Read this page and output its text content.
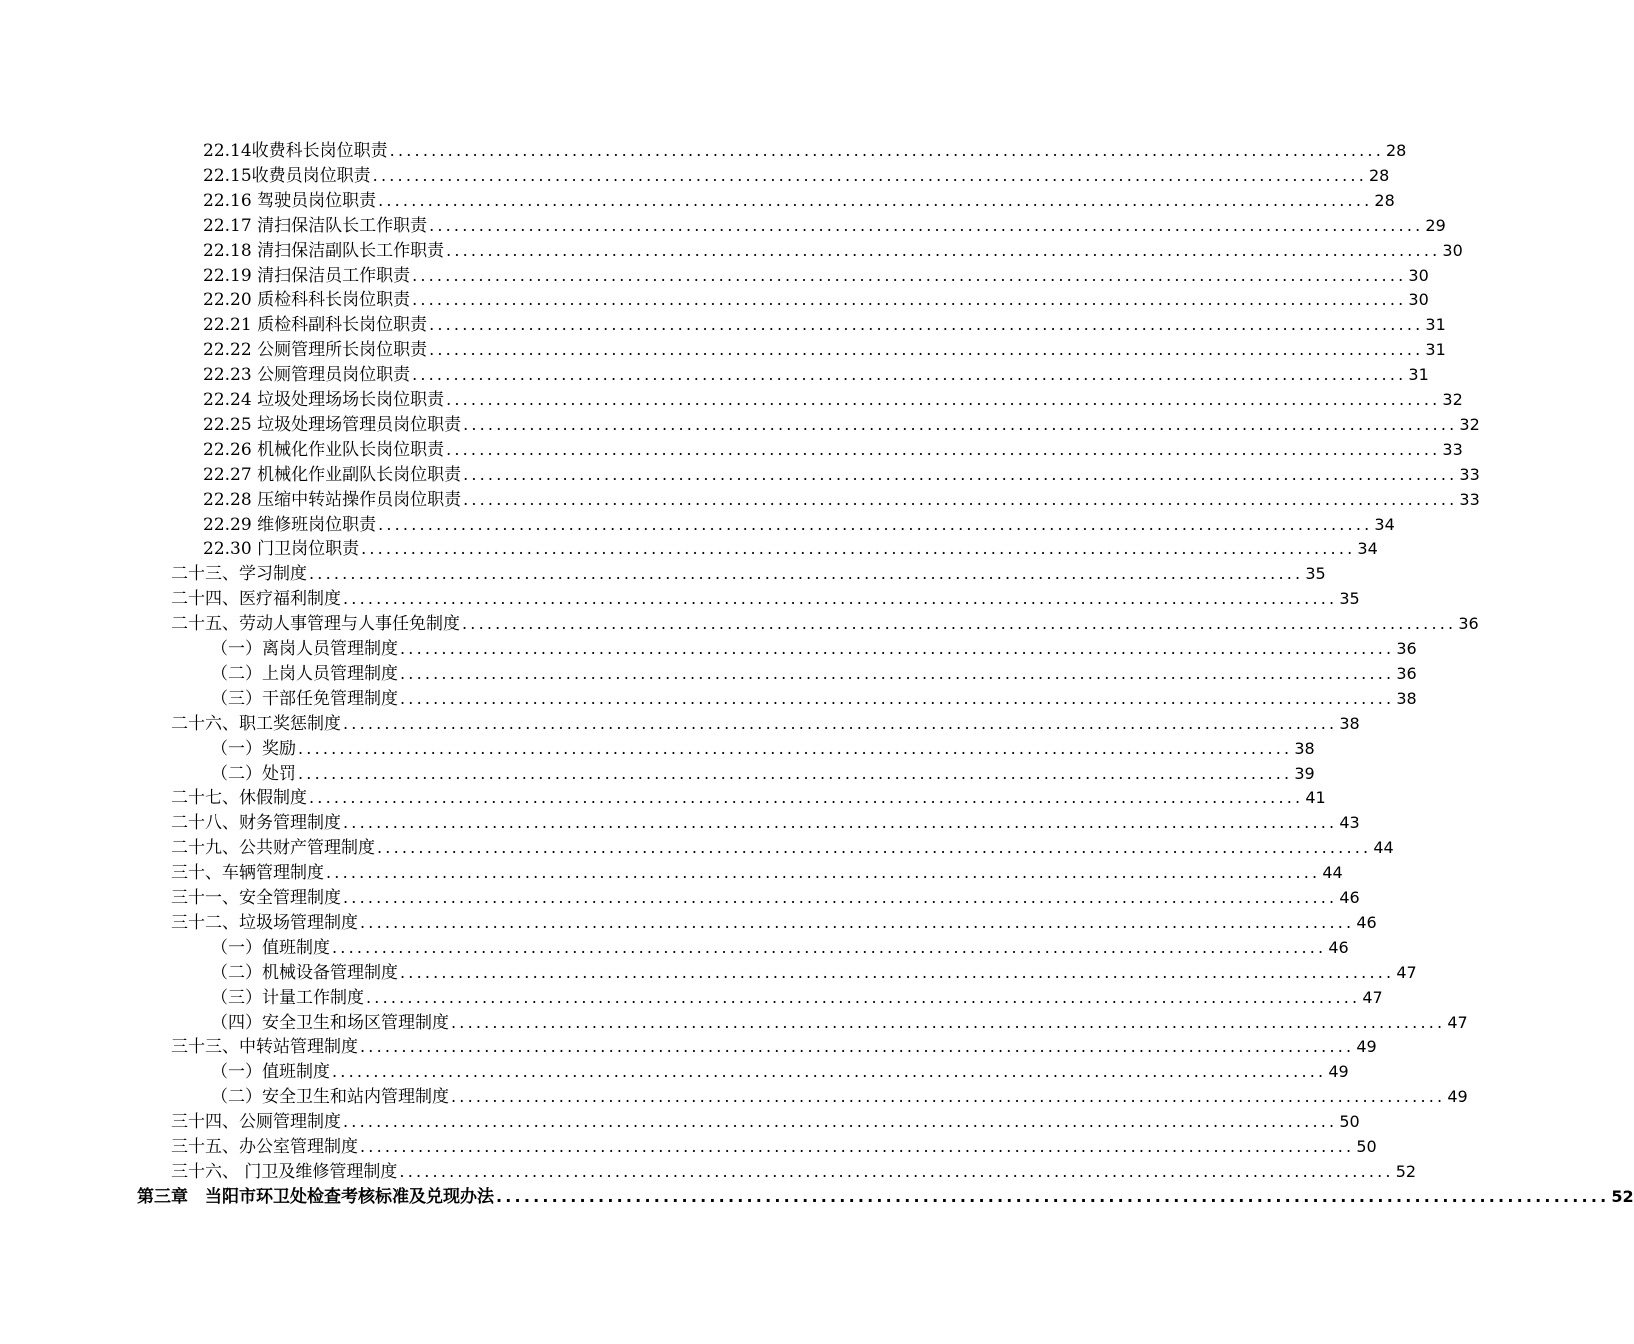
22.14收费科长岗位职责 ........................................................................................................................ 28
22.15收费员岗位职责 ........................................................................................................................ 28
22.16 驾驶员岗位职责 ........................................................................................................................ 28
22.17 清扫保洁队长工作职责 ........................................................................................................................ 29
22.18 清扫保洁副队长工作职责 ........................................................................................................................ 30
22.19 清扫保洁员工作职责 ........................................................................................................................ 30
22.20 质检科科长岗位职责 ........................................................................................................................ 30
22.21 质检科副科长岗位职责 ........................................................................................................................ 31
22.22 公厕管理所长岗位职责 ........................................................................................................................ 31
22.23 公厕管理员岗位职责 ........................................................................................................................ 31
22.24 垃圾处理场场长岗位职责 ........................................................................................................................ 32
22.25 垃圾处理场管理员岗位职责 ........................................................................................................................ 32
22.26 机械化作业队长岗位职责 ........................................................................................................................ 33
22.27 机械化作业副队长岗位职责 ........................................................................................................................ 33
22.28 压缩中转站操作员岗位职责 ........................................................................................................................ 33
22.29 维修班岗位职责 ........................................................................................................................ 34
22.30 门卫岗位职责 ........................................................................................................................ 34
二十三、学习制度 ........................................................................................................................ 35
二十四、医疗福利制度 ........................................................................................................................ 35
二十五、劳动人事管理与人事任免制度 ........................................................................................................................ 36
（一）离岗人员管理制度 ........................................................................................................................ 36
（二）上岗人员管理制度 ........................................................................................................................ 36
（三）干部任免管理制度 ........................................................................................................................ 38
二十六、职工奖惩制度 ........................................................................................................................ 38
（一）奖励 ........................................................................................................................ 38
（二）处罚 ........................................................................................................................ 39
二十七、休假制度 ........................................................................................................................ 41
二十八、财务管理制度 ........................................................................................................................ 43
二十九、公共财产管理制度 ........................................................................................................................ 44
三十、车辆管理制度 ........................................................................................................................ 44
三十一、安全管理制度 ........................................................................................................................ 46
三十二、垃圾场管理制度 ........................................................................................................................ 46
（一）值班制度 ........................................................................................................................ 46
（二）机械设备管理制度 ........................................................................................................................ 47
（三）计量工作制度 ........................................................................................................................ 47
（四）安全卫生和场区管理制度 ........................................................................................................................ 47
三十三、中转站管理制度 ........................................................................................................................ 49
（一）值班制度 ........................................................................................................................ 49
（二）安全卫生和站内管理制度 ........................................................................................................................ 49
三十四、公厕管理制度 ........................................................................................................................ 50
三十五、办公室管理制度 ........................................................................................................................ 50
三十六、 门卫及维修管理制度 ........................................................................................................................ 52
第三章　当阳市环卫处检查考核标准及兑现办法 ........................................................................................................................ 52
